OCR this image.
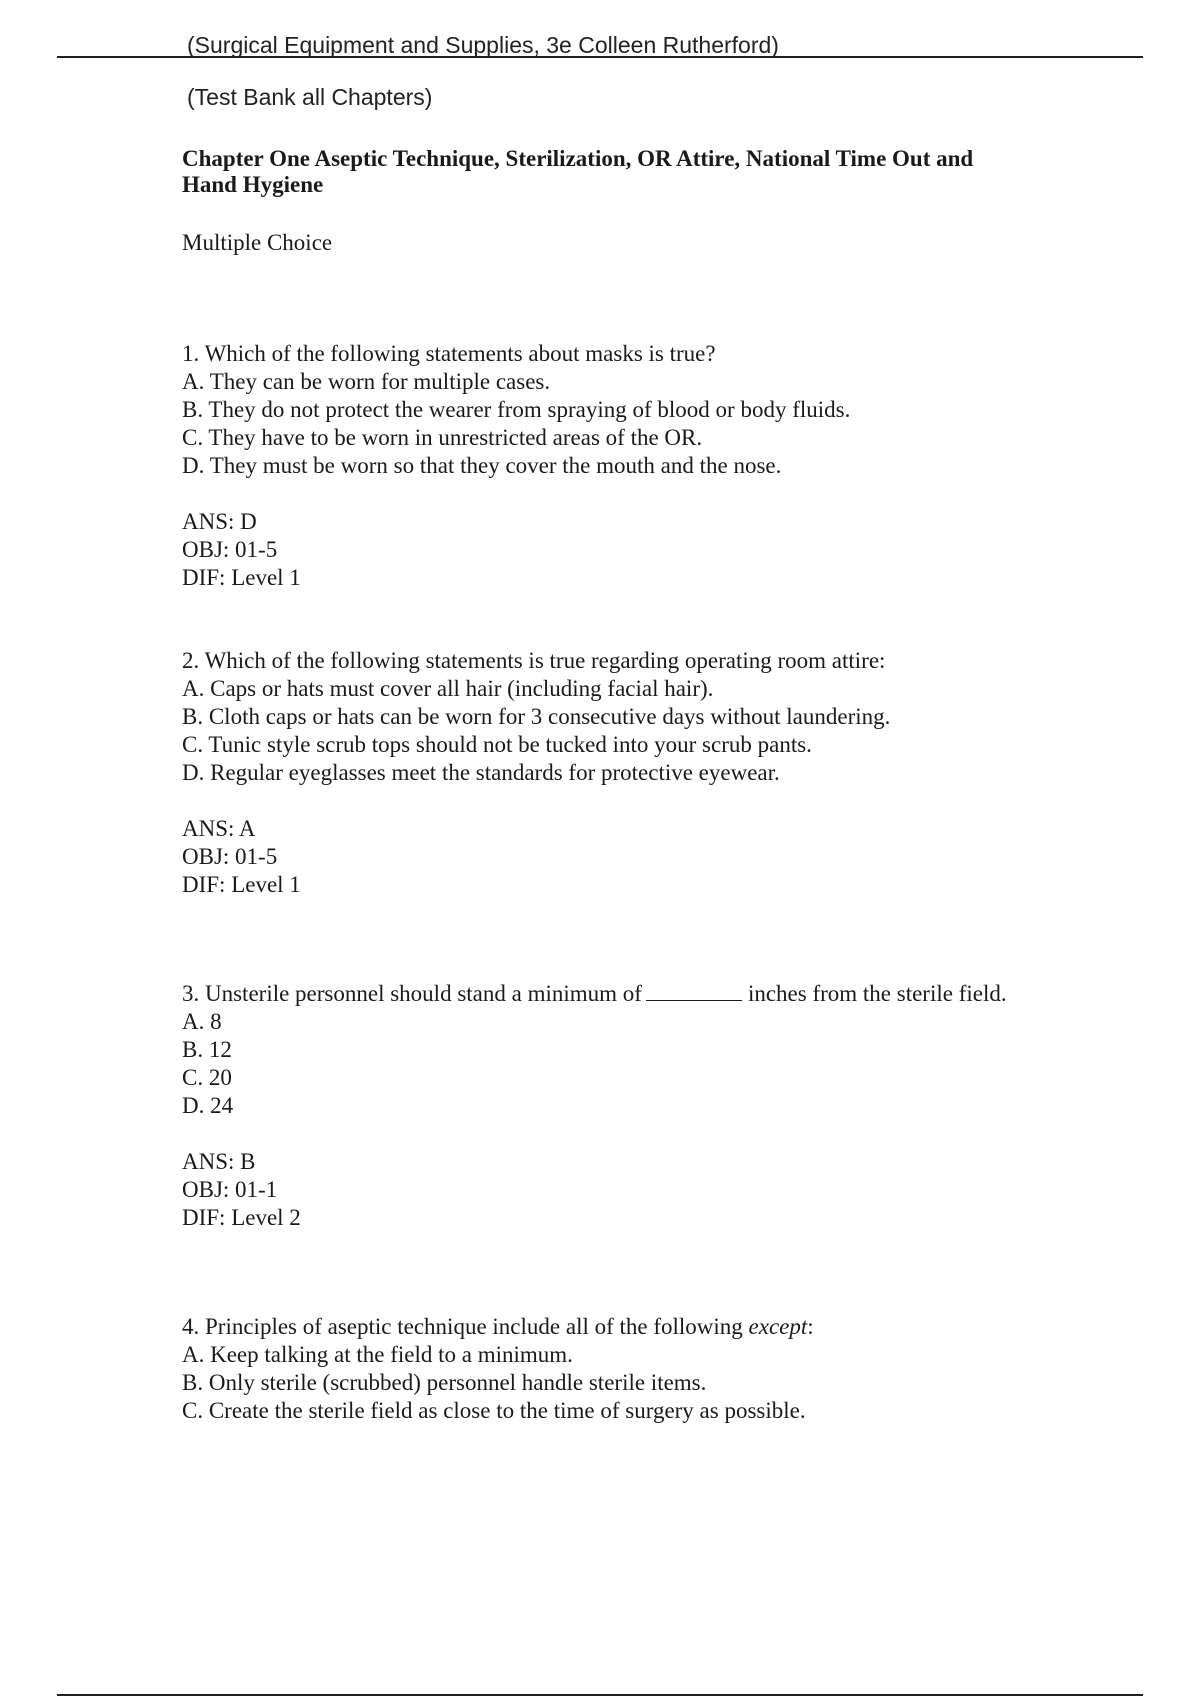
(Surgical Equipment and Supplies, 3e Colleen Rutherford)
(Test Bank all Chapters)
Chapter One Aseptic Technique, Sterilization, OR Attire, National Time Out and
Hand Hygiene
Multiple Choice
1. Which of the following statements about masks is true?
A. They can be worn for multiple cases.
B. They do not protect the wearer from spraying of blood or body fluids.
C. They have to be worn in unrestricted areas of the OR.
D. They must be worn so that they cover the mouth and the nose.
ANS: D
OBJ: 01-5
DIF: Level 1
2. Which of the following statements is true regarding operating room attire:
A. Caps or hats must cover all hair (including facial hair).
B. Cloth caps or hats can be worn for 3 consecutive days without laundering.
C. Tunic style scrub tops should not be tucked into your scrub pants.
D. Regular eyeglasses meet the standards for protective eyewear.
ANS: A
OBJ: 01-5
DIF: Level 1
3. Unsterile personnel should stand a minimum of	inches from the sterile field.
A. 8
B. 12
C. 20
D. 24
ANS: B
OBJ: 01-1
DIF: Level 2
4. Principles of aseptic technique include all of the following except:
A. Keep talking at the field to a minimum.
B. Only sterile (scrubbed) personnel handle sterile items.
C. Create the sterile field as close to the time of surgery as possible.
